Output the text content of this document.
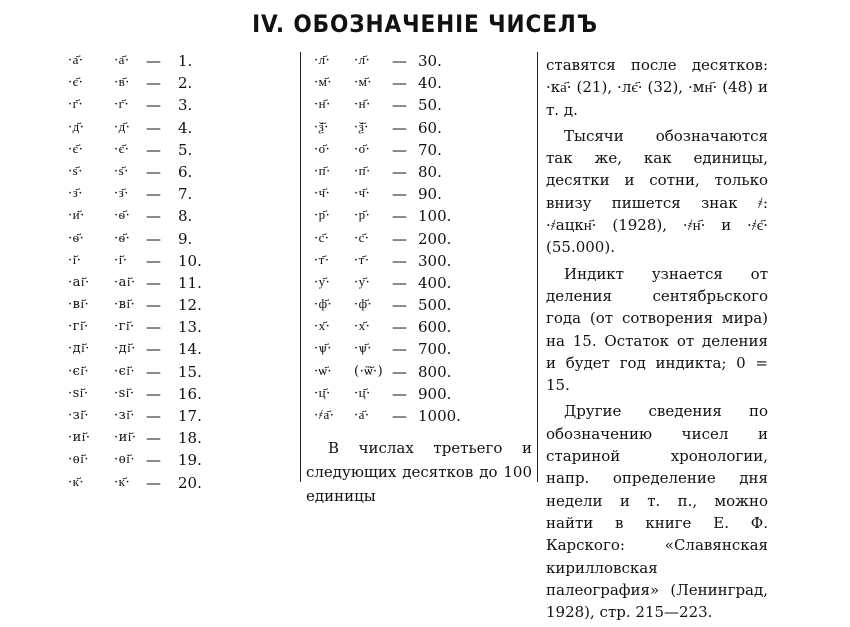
IV. ОБОЗНАЧЕНІЕ ЧИСЕЛЪ
·а҃· ·а҃· — 1.
·є҃· ·в҃· — 2.
·г҃· ·г҃· — 3.
·д҃· ·д҃· — 4.
·є҃· ·є҃· — 5.
·ѕ҃· ·ѕ҃· — 6.
·з҃· ·з҃· — 7.
·и҃· ·ѳ҃· — 8.
·ѳ҃· ·ѳ҃· — 9.
·і҃·	·і҃· — 10.
·аі҃· ·аі҃· — 11.
·ві҃· ·ві҃· — 12.
·гі҃· ·гі҃· — 13.
·ді҃· ·ді҃· — 14.
·єі҃· ·єі҃· — 15.
·ѕі҃· ·ѕі҃· — 16.
·зі҃· ·зі҃· — 17.
·иі҃· ·иі҃· — 18.
·ѳі҃· ·ѳі҃· — 19.
·к҃· ·к҃· — 20.
·л҃· ·л҃· — 30.
·м҃· ·м҃· — 40.
·н҃· ·н҃· — 50.
·ѯ҃· ·ѯ҃· — 60.
·о҃· ·о҃· — 70.
·п҃· ·п҃· — 80.
·ч҃· ·ч҃· — 90.
·р҃· ·р҃· — 100.
·с҃· ·с҃· — 200.
·т҃· ·т҃· — 300.
·у҃· ·у҃· — 400.
·ф҃· ·ф҃· — 500.
·х҃· ·х҃· — 600.
·ѱ҃· ·ѱ҃· — 700.
·ѡ҃· (·ѿ҃·) — 800.
·ц҃· ·ц҃· — 900.
·҂а҃· ·а҃· — 1000.

В числах третьего и следующих десятков до 100 единицы

ставятся после десятков: ·ка҃· (21), ·лє҃· (32), ·мн҃· (48) и т. д.

Тысячи обозначаются так же, как единицы, десятки и сотни, только внизу пишется знак ҂: ·҂ацкн҃· (1928), ·҂н҃· и ·҂є҃· (55.000).

Индикт узнается от деления сентябрьского года (от сотворения мира) на 15. Остаток от деления и будет год индикта; 0 = 15.

Другие сведения по обозначению чисел и стариной хронологии, напр. определение дня недели и т. п., можно найти в книге Е. Ф. Карского: «Славянская кирилловская палеография» (Ленинград, 1928), стр. 215—223.
